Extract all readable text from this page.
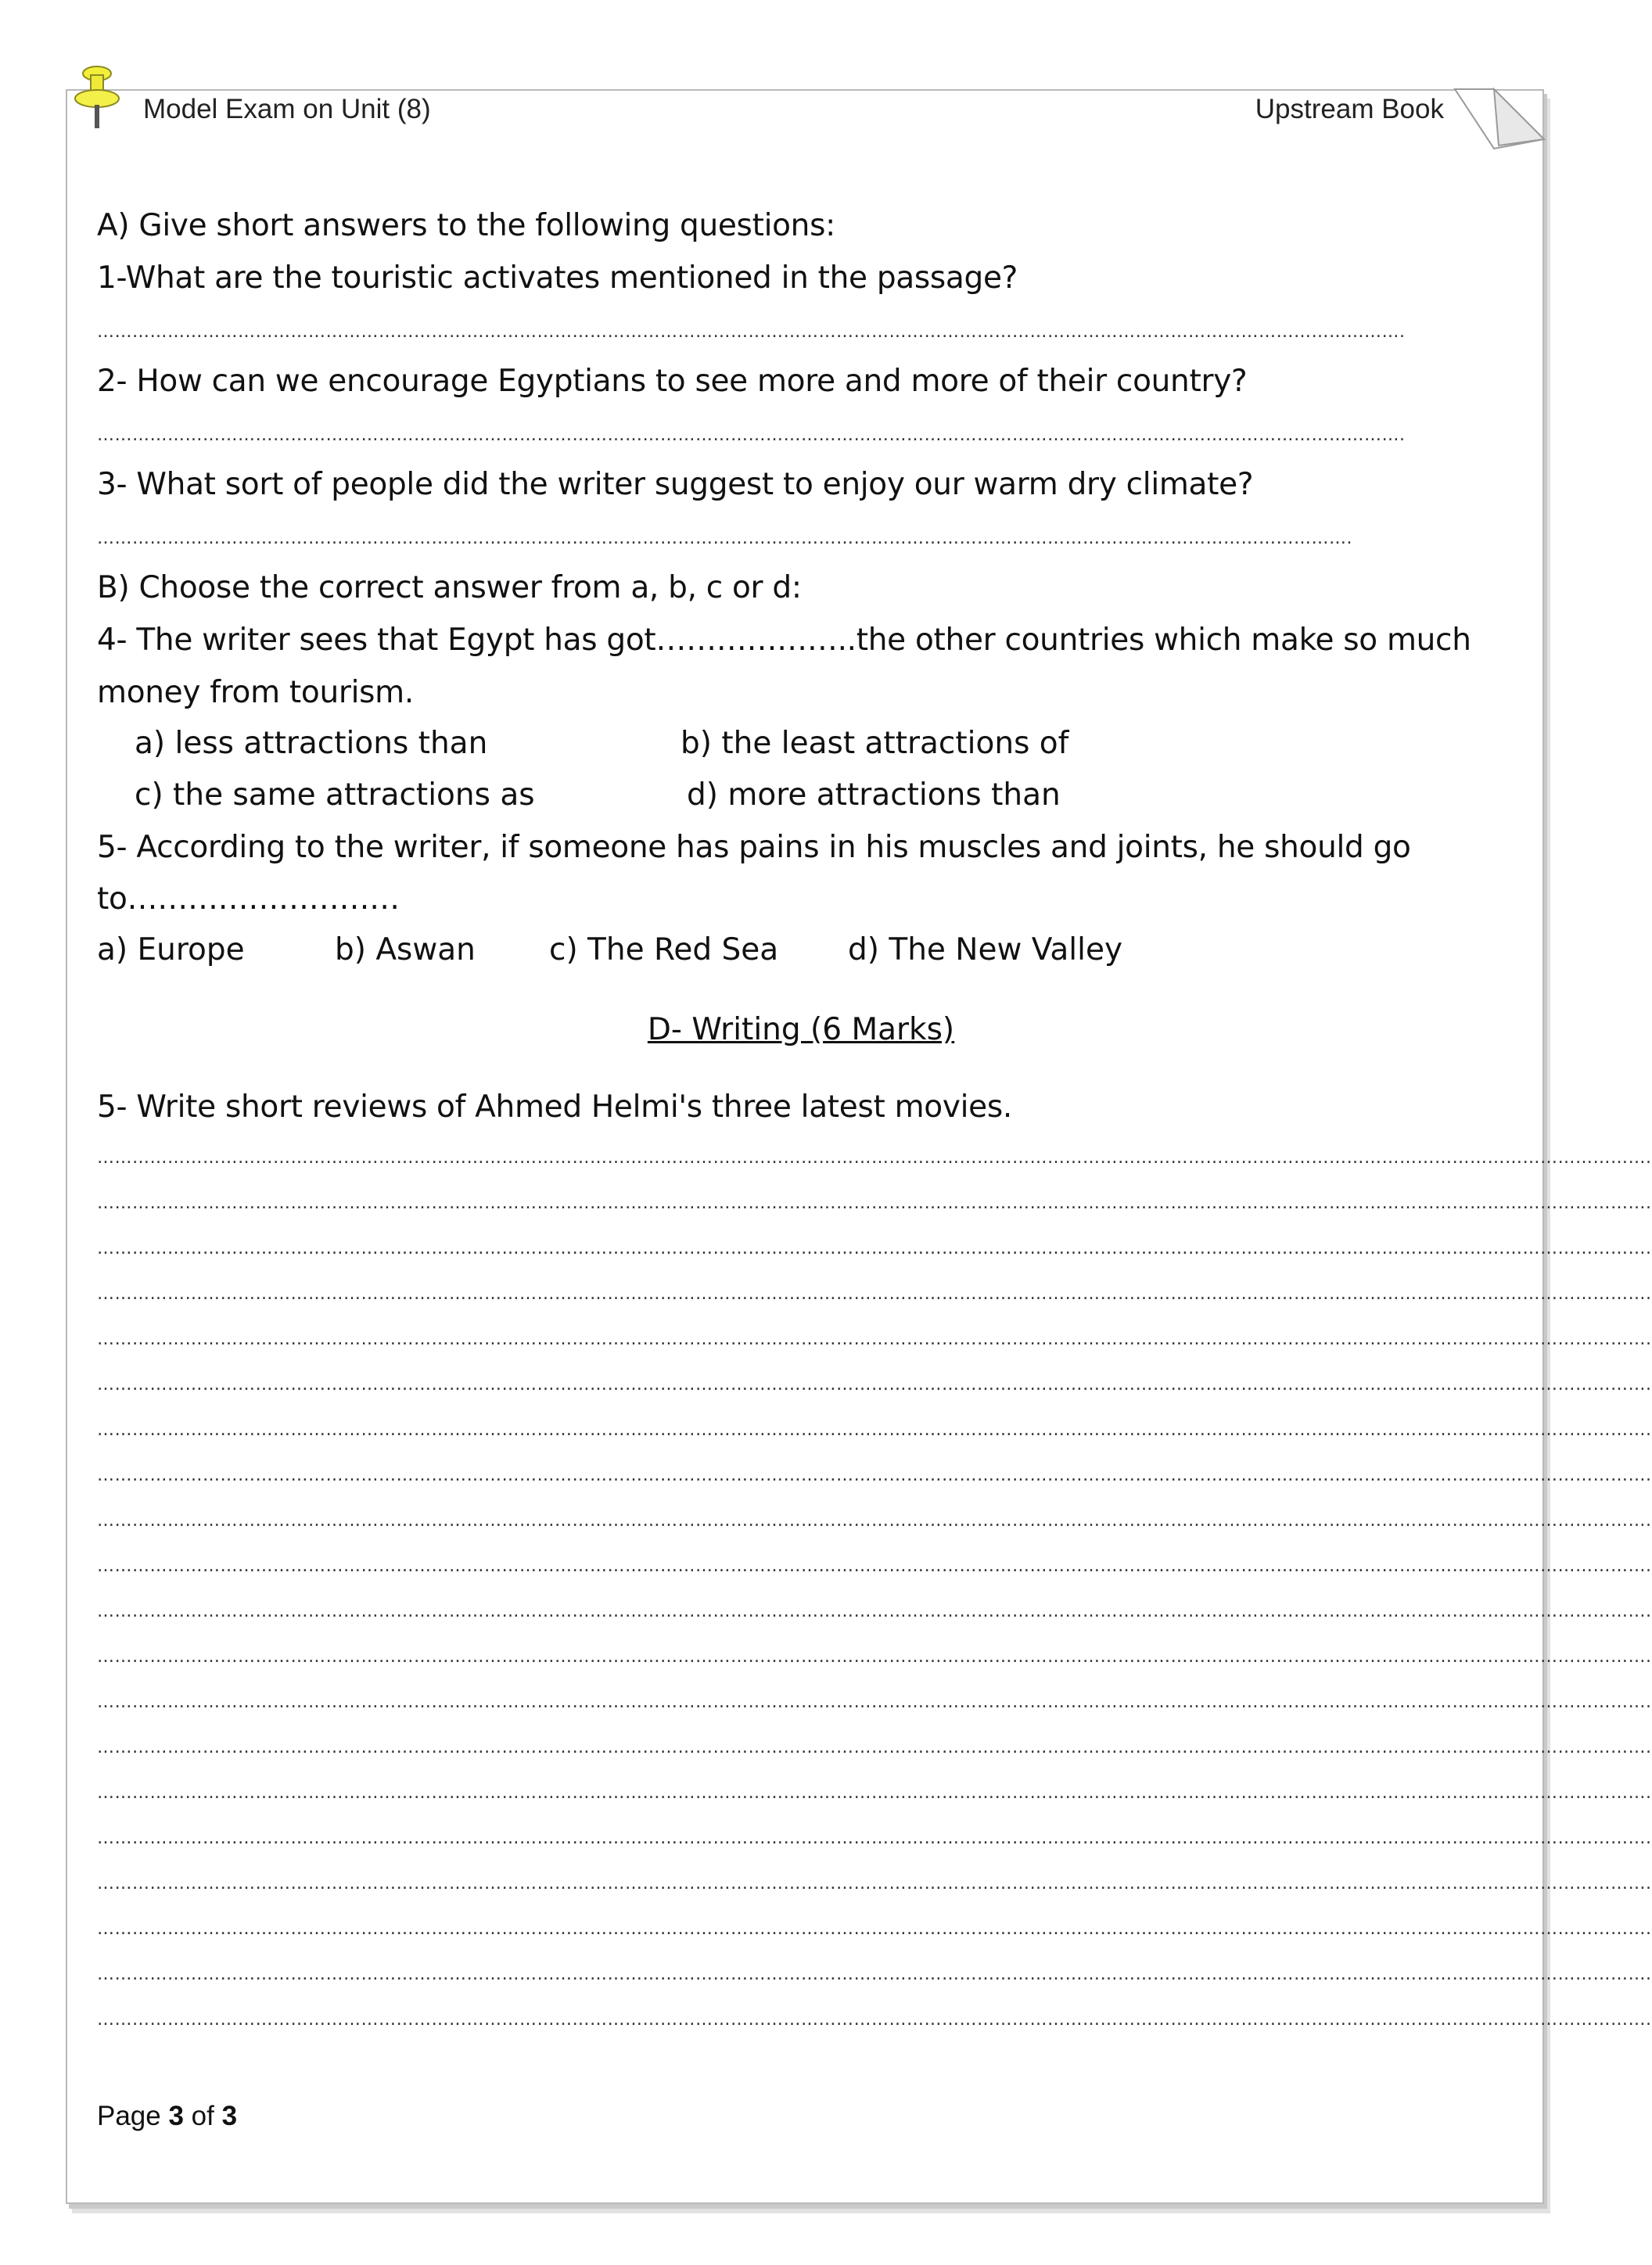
Model Exam on Unit (8)	Upstream Book
A) Give short answers to the following questions:
1-What are the touristic activates mentioned in the passage?
…………………………………………………………………………………………………………………………………………………………………………………………………….
2- How can we encourage Egyptians to see more and more of their country?
…………………………………………………………………………………………………………………………………………………………………………………………………….
3- What sort of people did the writer suggest to enjoy our warm dry climate?
…………………………………………………………………………………………………………………………………………………………………………………………….
B) Choose the correct answer from a, b, c or d:
4- The writer sees that Egypt has got………………..the other countries which make so much
money from tourism.
a) less attractions than	b) the least attractions of
c) the same attractions as	d) more attractions than
5- According to the writer, if someone has pains in his muscles and joints, he should go
to………………………
a) Europe	b) Aswan c) The Red Sea d) The New Valley
D- Writing (6 Marks)
5- Write short reviews of Ahmed Helmi's three latest movies.
………………………………………………………………………………………………………………………………………………………………………………………………………………………………………….
………………………………………………………………………………………………………………………………………………………………………………………………………………………………………….
………………………………………………………………………………………………………………………………………………………………………………………………………………………………………….
………………………………………………………………………………………………………………………………………………………………………………………………………………………………………….
………………………………………………………………………………………………………………………………………………………………………………………………………………………………………….
………………………………………………………………………………………………………………………………………………………………………………………………………………………………………….
………………………………………………………………………………………………………………………………………………………………………………………………………………………………………….
………………………………………………………………………………………………………………………………………………………………………………………………………………………………………….
………………………………………………………………………………………………………………………………………………………………………………………………………………………………………….
………………………………………………………………………………………………………………………………………………………………………………………………………………………………………….
………………………………………………………………………………………………………………………………………………………………………………………………………………………………………….
………………………………………………………………………………………………………………………………………………………………………………………………………………………………………….
………………………………………………………………………………………………………………………………………………………………………………………………………………………………………….
………………………………………………………………………………………………………………………………………………………………………………………………………………………………………….
………………………………………………………………………………………………………………………………………………………………………………………………………………………………………….
………………………………………………………………………………………………………………………………………………………………………………………………………………………………………….
………………………………………………………………………………………………………………………………………………………………………………………………………………………………………….
………………………………………………………………………………………………………………………………………………………………………………………………………………………………………….
………………………………………………………………………………………………………………………………………………………………………………………………………………………………………….
………………………………………………………………………………………………………………………………………………………………………………………………………………………………………….
Page 3 of 3
